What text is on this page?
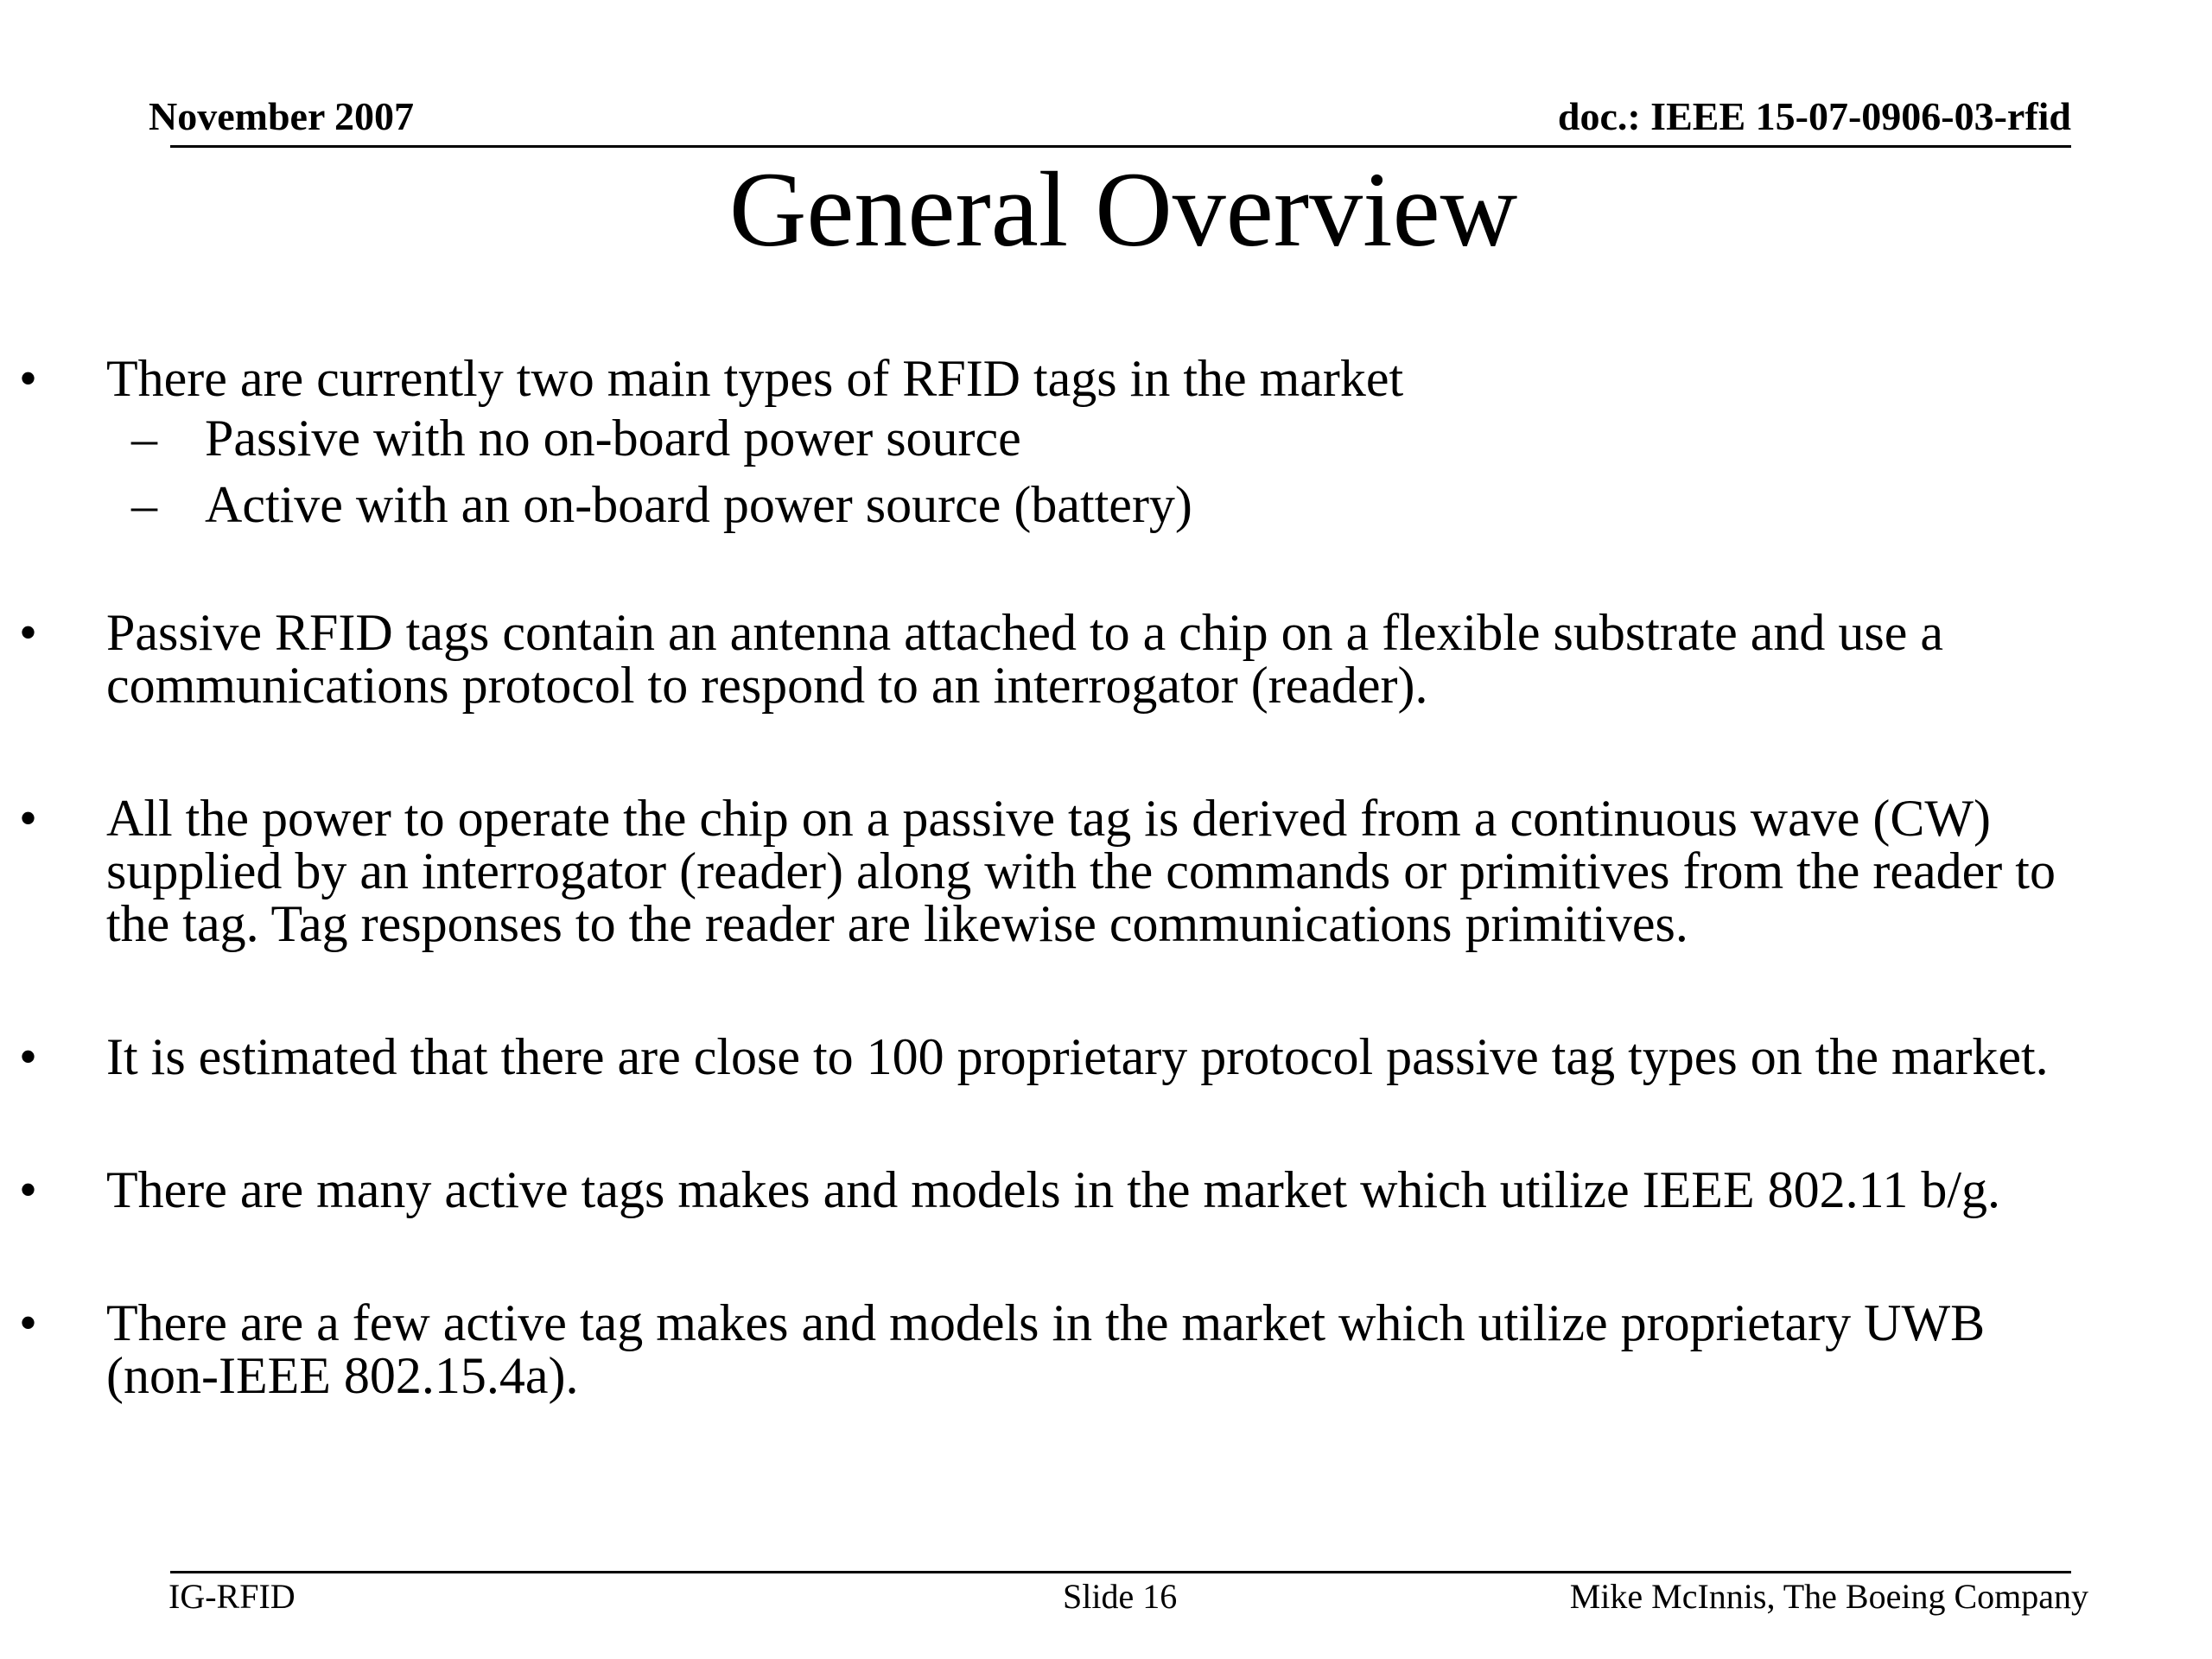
November 2007	doc.: IEEE 15-07-0906-03-rfid
General Overview
• There are currently two main types of RFID tags in the market
– Passive with no on-board power source
– Active with an on-board power source (battery)
• Passive RFID tags contain an antenna attached to a chip on a flexible substrate and use a
communications protocol to respond to an interrogator (reader).
• All the power to operate the chip on a passive tag is derived from a continuous wave (CW)
supplied by an interrogator (reader) along with the commands or primitives from the reader to
the tag. Tag responses to the reader are likewise communications primitives.
• It is estimated that there are close to 100 proprietary protocol passive tag types on the market.
• There are many active tags makes and models in the market which utilize IEEE 802.11 b/g.
• There are a few active tag makes and models in the market which utilize proprietary UWB
(non-IEEE 802.15.4a).
IG-RFID	Slide 16	Mike McInnis, The Boeing Company
